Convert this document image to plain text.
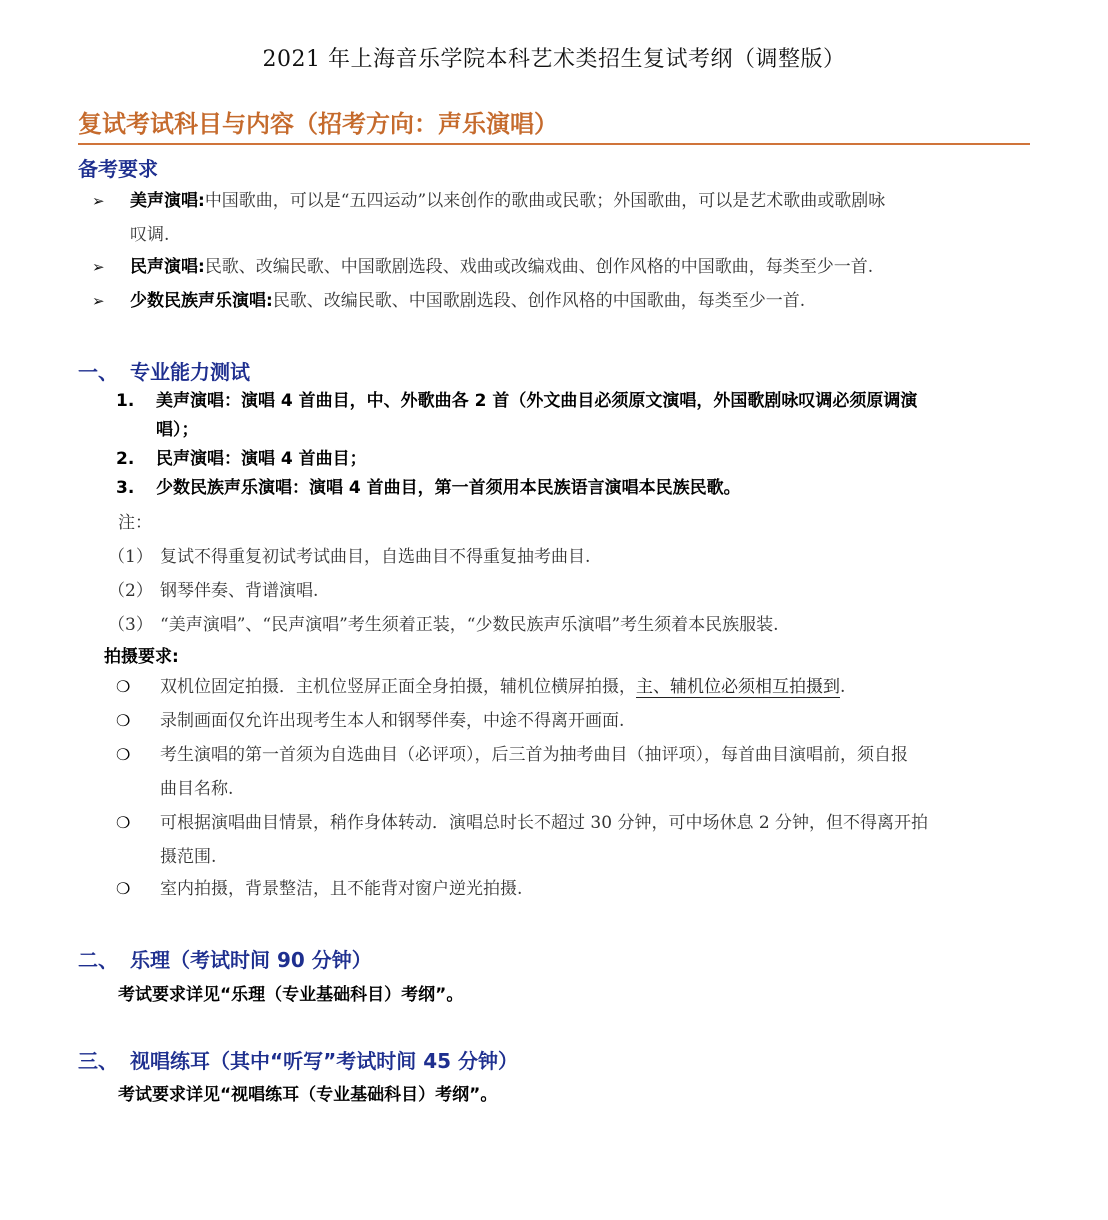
2021 年上海音乐学院本科艺术类招生复试考纲（调整版）
复试考试科目与内容（招考方向：声乐演唱）
备考要求
➢ 美声演唱:中国歌曲，可以是“五四运动”以来创作的歌曲或民歌；外国歌曲，可以是艺术歌曲或歌剧咏
叹调.
➢ 民声演唱:民歌、改编民歌、中国歌剧选段、戏曲或改编戏曲、创作风格的中国歌曲，每类至少一首.
➢ 少数民族声乐演唱:民歌、改编民歌、中国歌剧选段、创作风格的中国歌曲，每类至少一首.
一、 专业能力测试
1. 美声演唱：演唱 4 首曲目，中、外歌曲各 2 首（外文曲目必须原文演唱，外国歌剧咏叹调必须原调演
唱）；
2. 民声演唱：演唱 4 首曲目；
3. 少数民族声乐演唱：演唱 4 首曲目，第一首须用本民族语言演唱本民族民歌。
注：
（1） 复试不得重复初试考试曲目，自选曲目不得重复抽考曲目.
（2） 钢琴伴奏、背谱演唱.
（3） “美声演唱”、“民声演唱”考生须着正装，“少数民族声乐演唱”考生须着本民族服装.
拍摄要求:
❍ 双机位固定拍摄．主机位竖屏正面全身拍摄，辅机位横屏拍摄，主、辅机位必须相互拍摄到.
❍ 录制画面仅允许出现考生本人和钢琴伴奏，中途不得离开画面.
❍ 考生演唱的第一首须为自选曲目（必评项），后三首为抽考曲目（抽评项），每首曲目演唱前，须自报
曲目名称.
❍ 可根据演唱曲目情景，稍作身体转动．演唱总时长不超过 30 分钟，可中场休息 2 分钟，但不得离开拍
摄范围.
❍ 室内拍摄，背景整洁，且不能背对窗户逆光拍摄.
二、 乐理（考试时间 90 分钟）
考试要求详见“乐理（专业基础科目）考纲”。
三、 视唱练耳（其中“听写”考试时间 45 分钟）
考试要求详见“视唱练耳（专业基础科目）考纲”。
